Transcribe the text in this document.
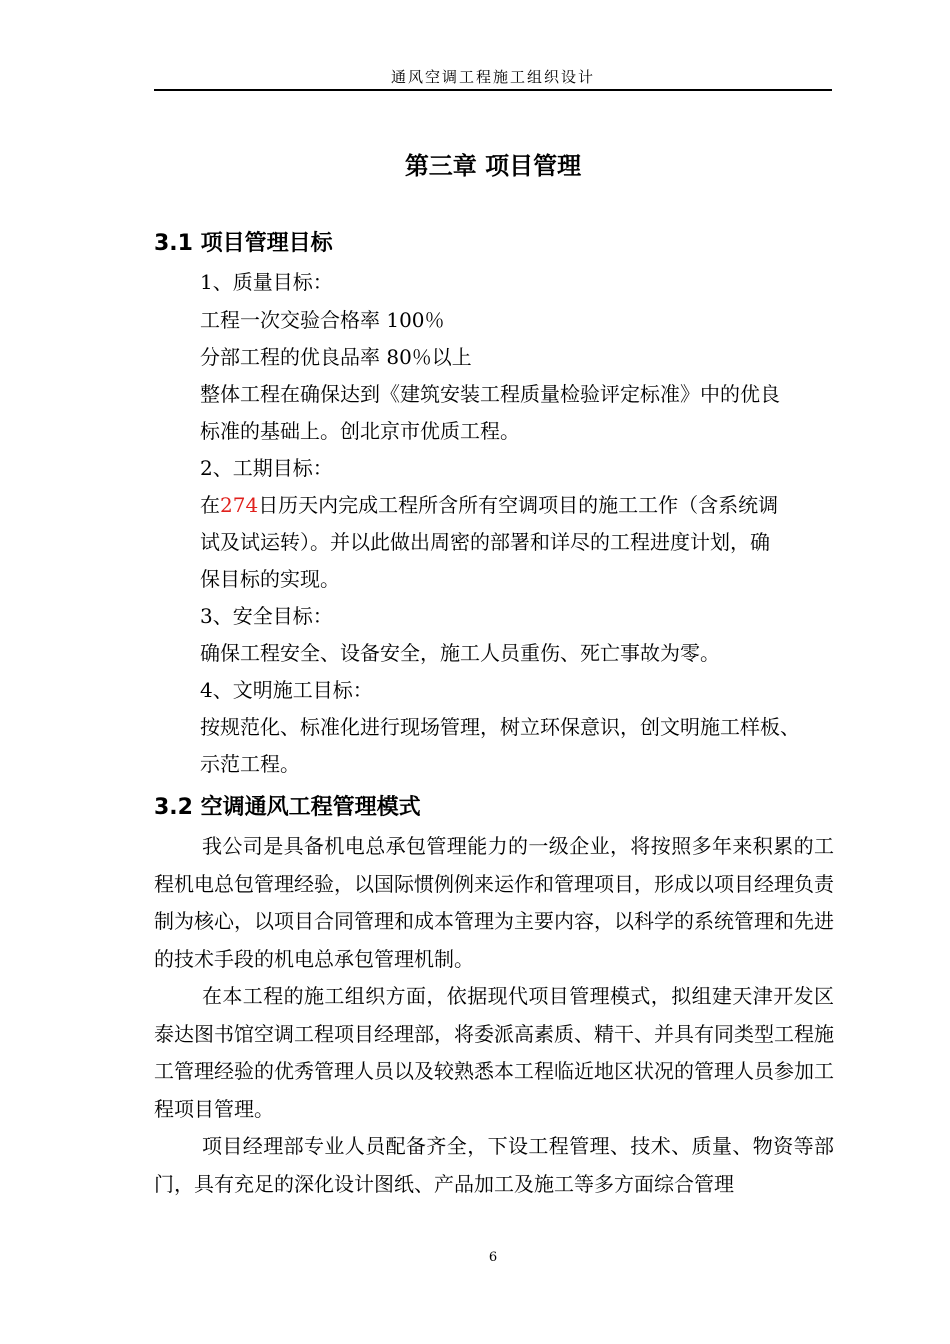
通风空调工程施工组织设计
第三章 项目管理
3.1 项目管理目标
1、质量目标：
工程一次交验合格率 100％
分部工程的优良品率 80％以上
整体工程在确保达到《建筑安装工程质量检验评定标准》中的优良
标准的基础上。创北京市优质工程。
2、工期目标：
在274日历天内完成工程所含所有空调项目的施工工作（含系统调
试及试运转）。并以此做出周密的部署和详尽的工程进度计划，确
保目标的实现。
3、安全目标：
确保工程安全、设备安全，施工人员重伤、死亡事故为零。
4、文明施工目标：
按规范化、标准化进行现场管理，树立环保意识，创文明施工样板、
示范工程。
3.2 空调通风工程管理模式
我公司是具备机电总承包管理能力的一级企业，将按照多年来积累的工程机电总包管理经验，以国际惯例例来运作和管理项目，形成以项目经理负责制为核心，以项目合同管理和成本管理为主要内容，以科学的系统管理和先进的技术手段的机电总承包管理机制。
在本工程的施工组织方面，依据现代项目管理模式，拟组建天津开发区泰达图书馆空调工程项目经理部，将委派高素质、精干、并具有同类型工程施工管理经验的优秀管理人员以及较熟悉本工程临近地区状况的管理人员参加工程项目管理。
项目经理部专业人员配备齐全，下设工程管理、技术、质量、物资等部门，具有充足的深化设计图纸、产品加工及施工等多方面综合管理
6
